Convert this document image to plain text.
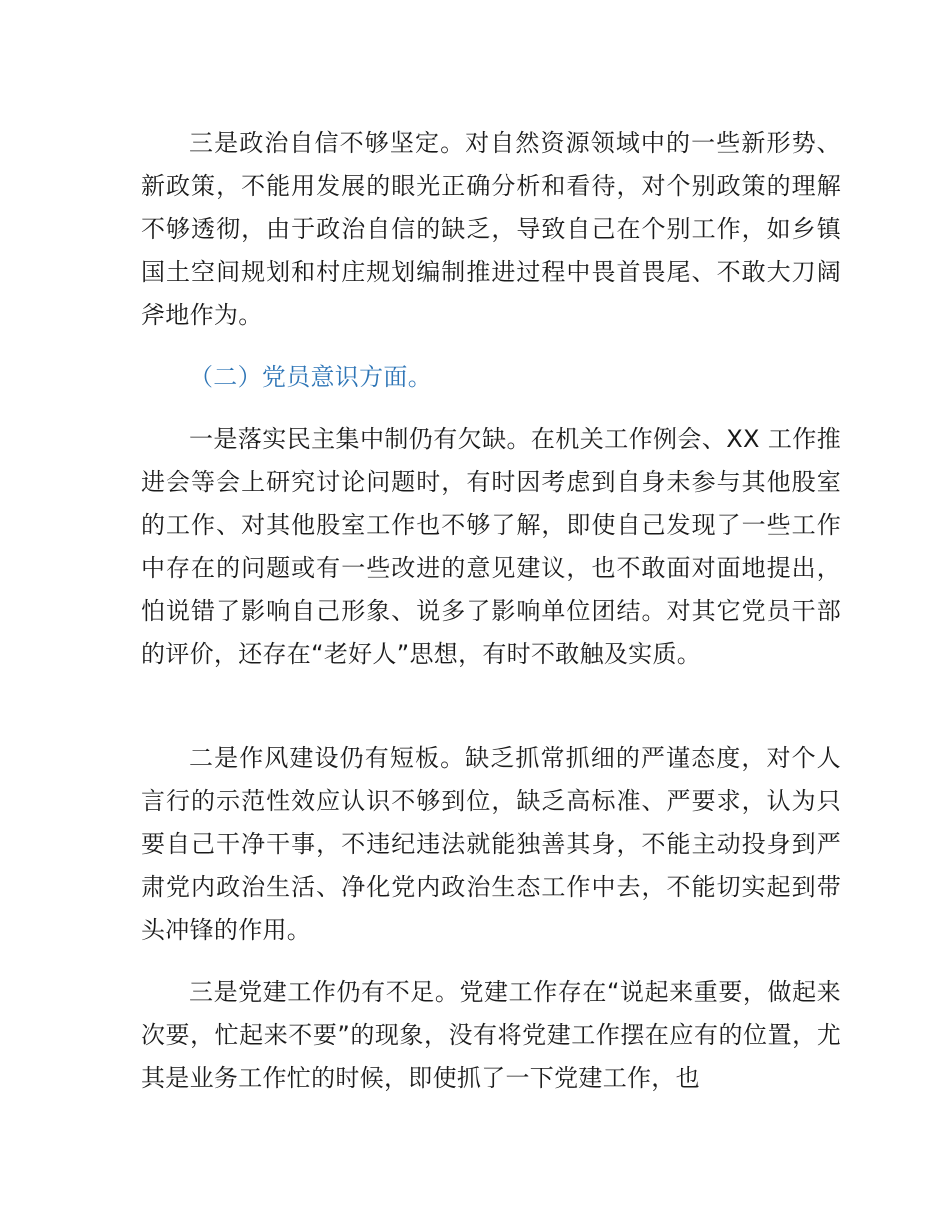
三是政治自信不够坚定。对自然资源领域中的一些新形势、新政策，不能用发展的眼光正确分析和看待，对个别政策的理解不够透彻，由于政治自信的缺乏，导致自己在个别工作，如乡镇国土空间规划和村庄规划编制推进过程中畏首畏尾、不敢大刀阔斧地作为。

（二）党员意识方面。

一是落实民主集中制仍有欠缺。在机关工作例会、XX 工作推进会等会上研究讨论问题时，有时因考虑到自身未参与其他股室的工作、对其他股室工作也不够了解，即使自己发现了一些工作中存在的问题或有一些改进的意见建议，也不敢面对面地提出，怕说错了影响自己形象、说多了影响单位团结。对其它党员干部的评价，还存在“老好人”思想，有时不敢触及实质。

二是作风建设仍有短板。缺乏抓常抓细的严谨态度，对个人言行的示范性效应认识不够到位，缺乏高标准、严要求，认为只要自己干净干事，不违纪违法就能独善其身，不能主动投身到严肃党内政治生活、净化党内政治生态工作中去，不能切实起到带头冲锋的作用。

三是党建工作仍有不足。党建工作存在“说起来重要，做起来次要，忙起来不要”的现象，没有将党建工作摆在应有的位置，尤其是业务工作忙的时候，即使抓了一下党建工作，也
